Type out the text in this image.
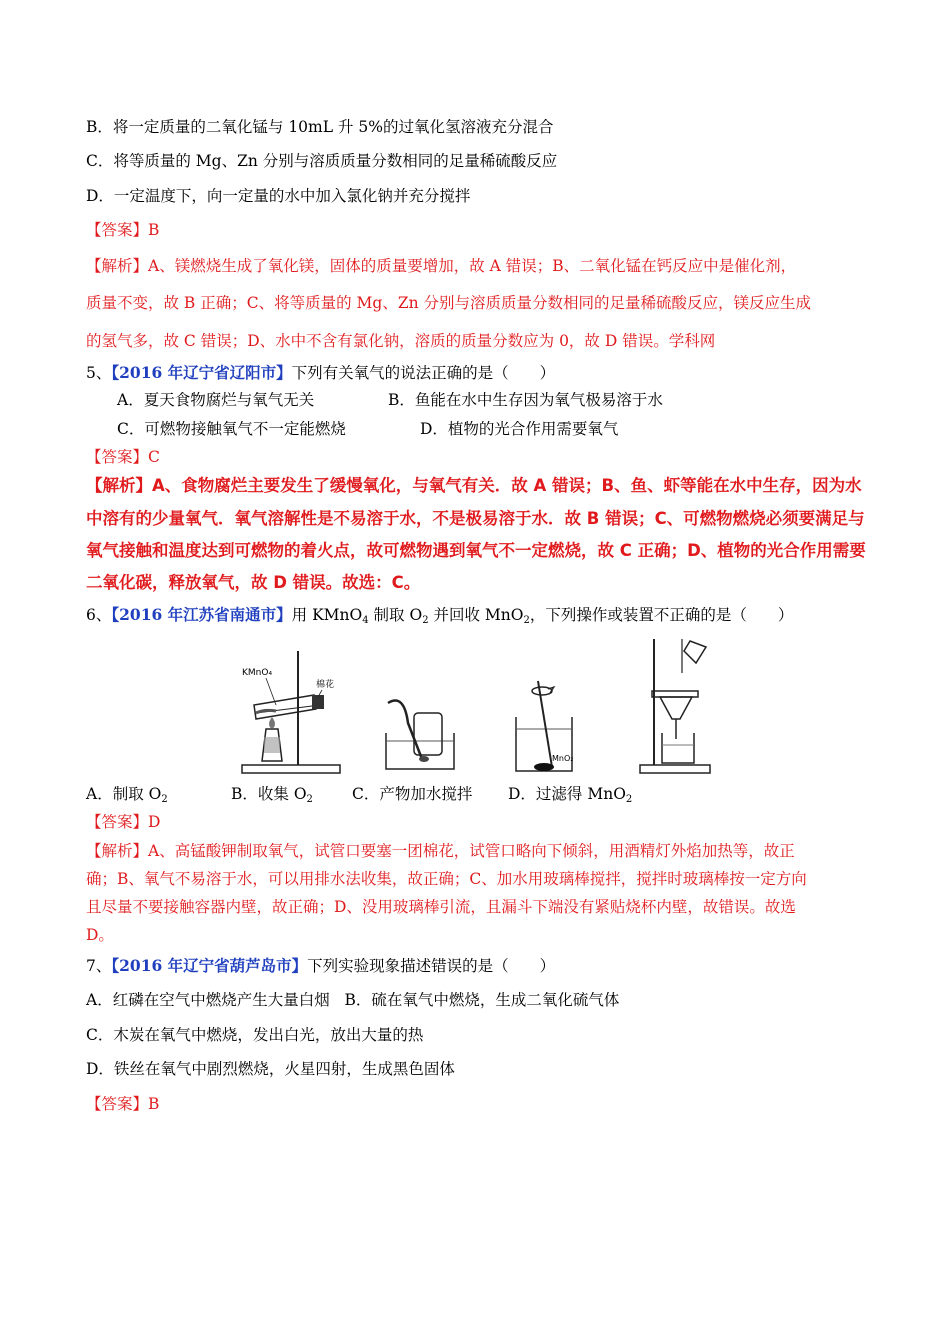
B．将一定质量的二氧化锰与 10mL 升 5%的过氧化氢溶液充分混合
C．将等质量的 Mg、Zn 分别与溶质质量分数相同的足量稀硫酸反应
D．一定温度下，向一定量的水中加入氯化钠并充分搅拌
【答案】B
【解析】A、镁燃烧生成了氧化镁，固体的质量要增加，故 A 错误；B、二氧化锰在钙反应中是催化剂，
质量不变，故 B 正确；C、将等质量的 Mg、Zn 分别与溶质质量分数相同的足量稀硫酸反应，镁反应生成
的氢气多，故 C 错误；D、水中不含有氯化钠，溶质的质量分数应为 0，故 D 错误。学科网
5、【2016 年辽宁省辽阳市】下列有关氧气的说法正确的是（　　）
A．夏天食物腐烂与氧气无关	B．鱼能在水中生存因为氧气极易溶于水
C．可燃物接触氧气不一定能燃烧	D．植物的光合作用需要氧气
【答案】C
【解析】A、食物腐烂主要发生了缓慢氧化，与氧气有关．故 A 错误；B、鱼、虾等能在水中生存，因为水
中溶有的少量氧气．氧气溶解性是不易溶于水，不是极易溶于水．故 B 错误；C、可燃物燃烧必须要满足与
氧气接触和温度达到可燃物的着火点，故可燃物遇到氧气不一定燃烧，故 C 正确；D、植物的光合作用需要
二氧化碳，释放氧气，故 D 错误。故选：C。
6、【2016 年江苏省南通市】用 KMnO$_4$ 制取 $O_2$ 并回收 MnO$_2$，下列操作或装置不正确的是（　　）
KMnO₄
棉花
MnO₂
A．制取 $O_2$	B．收集 $O_2$	C．产物加水搅拌 D．过滤得 MnO$_2$
【答案】D
【解析】A、高锰酸钾制取氧气，试管口要塞一团棉花，试管口略向下倾斜，用酒精灯外焰加热等，故正
确；B、氧气不易溶于水，可以用排水法收集，故正确；C、加水用玻璃棒搅拌，搅拌时玻璃棒按一定方向
且尽量不要接触容器内壁，故正确；D、没用玻璃棒引流，且漏斗下端没有紧贴烧杯内壁，故错误。故选
D。
7、【2016 年辽宁省葫芦岛市】下列实验现象描述错误的是（　　）
A．红磷在空气中燃烧产生大量白烟   B．硫在氧气中燃烧，生成二氧化硫气体
C．木炭在氧气中燃烧，发出白光，放出大量的热
D．铁丝在氧气中剧烈燃烧，火星四射，生成黑色固体
【答案】B
